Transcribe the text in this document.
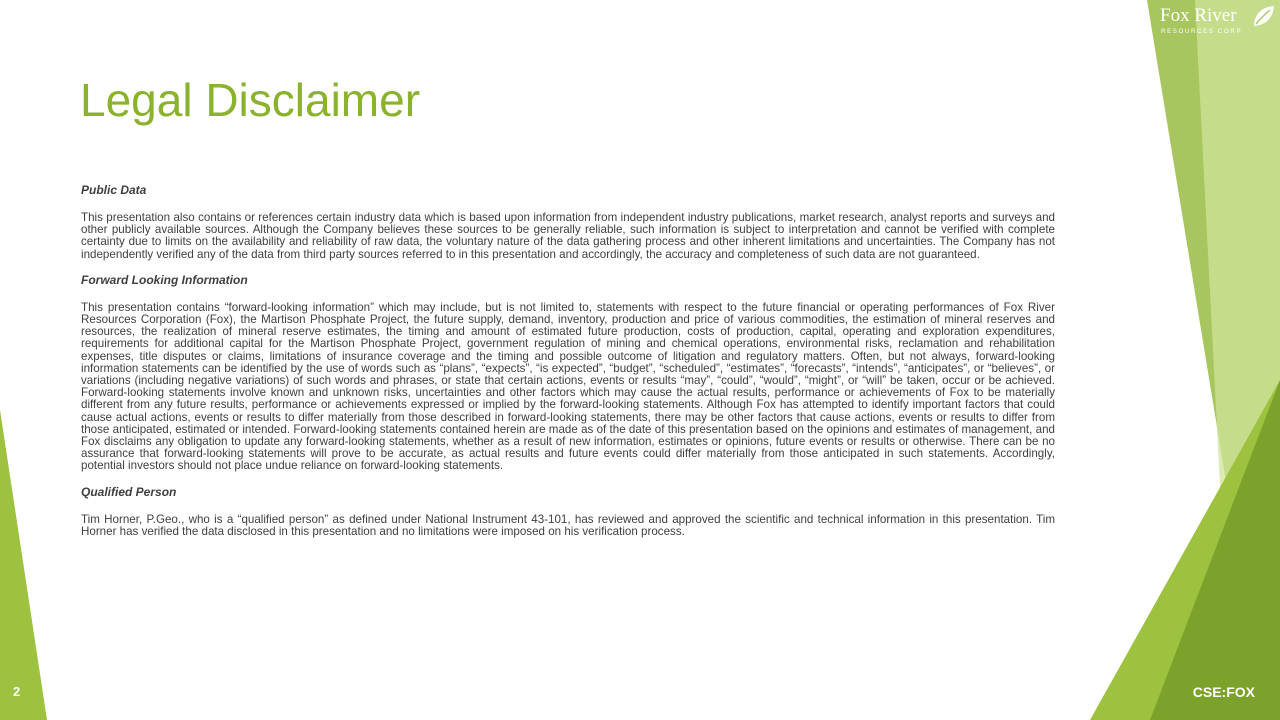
Fox River
RESOURCES CORP
Legal Disclaimer

Public Data

This presentation also contains or references certain industry data which is based upon information from independent industry publications, market research, analyst reports and surveys and other publicly available sources. Although the Company believes these sources to be generally reliable, such information is subject to interpretation and cannot be verified with complete certainty due to limits on the availability and reliability of raw data, the voluntary nature of the data gathering process and other inherent limitations and uncertainties. The Company has not independently verified any of the data from third party sources referred to in this presentation and accordingly, the accuracy and completeness of such data are not guaranteed.

Forward Looking Information

This presentation contains “forward-looking information” which may include, but is not limited to, statements with respect to the future financial or operating performances of Fox River Resources Corporation (Fox), the Martison Phosphate Project, the future supply, demand, inventory, production and price of various commodities, the estimation of mineral reserves and resources, the realization of mineral reserve estimates, the timing and amount of estimated future production, costs of production, capital, operating and exploration expenditures, requirements for additional capital for the Martison Phosphate Project, government regulation of mining and chemical operations, environmental risks, reclamation and rehabilitation expenses, title disputes or claims, limitations of insurance coverage and the timing and possible outcome of litigation and regulatory matters. Often, but not always, forward-looking information statements can be identified by the use of words such as “plans”, “expects”, “is expected”, “budget”, “scheduled”, “estimates”, “forecasts”, “intends”, “anticipates”, or “believes”, or variations (including negative variations) of such words and phrases, or state that certain actions, events or results “may”, “could”, “would”, “might”, or “will” be taken, occur or be achieved. Forward-looking statements involve known and unknown risks, uncertainties and other factors which may cause the actual results, performance or achievements of Fox to be materially different from any future results, performance or achievements expressed or implied by the forward-looking statements. Although Fox has attempted to identify important factors that could cause actual actions, events or results to differ materially from those described in forward-looking statements, there may be other factors that cause actions, events or results to differ from those anticipated, estimated or intended. Forward-looking statements contained herein are made as of the date of this presentation based on the opinions and estimates of management, and Fox disclaims any obligation to update any forward-looking statements, whether as a result of new information, estimates or opinions, future events or results or otherwise. There can be no assurance that forward-looking statements will prove to be accurate, as actual results and future events could differ materially from those anticipated in such statements. Accordingly, potential investors should not place undue reliance on forward-looking statements.

Qualified Person

Tim Horner, P.Geo., who is a “qualified person” as defined under National Instrument 43-101, has reviewed and approved the scientific and technical information in this presentation. Tim Horner has verified the data disclosed in this presentation and no limitations were imposed on his verification process.

2	CSE:FOX
